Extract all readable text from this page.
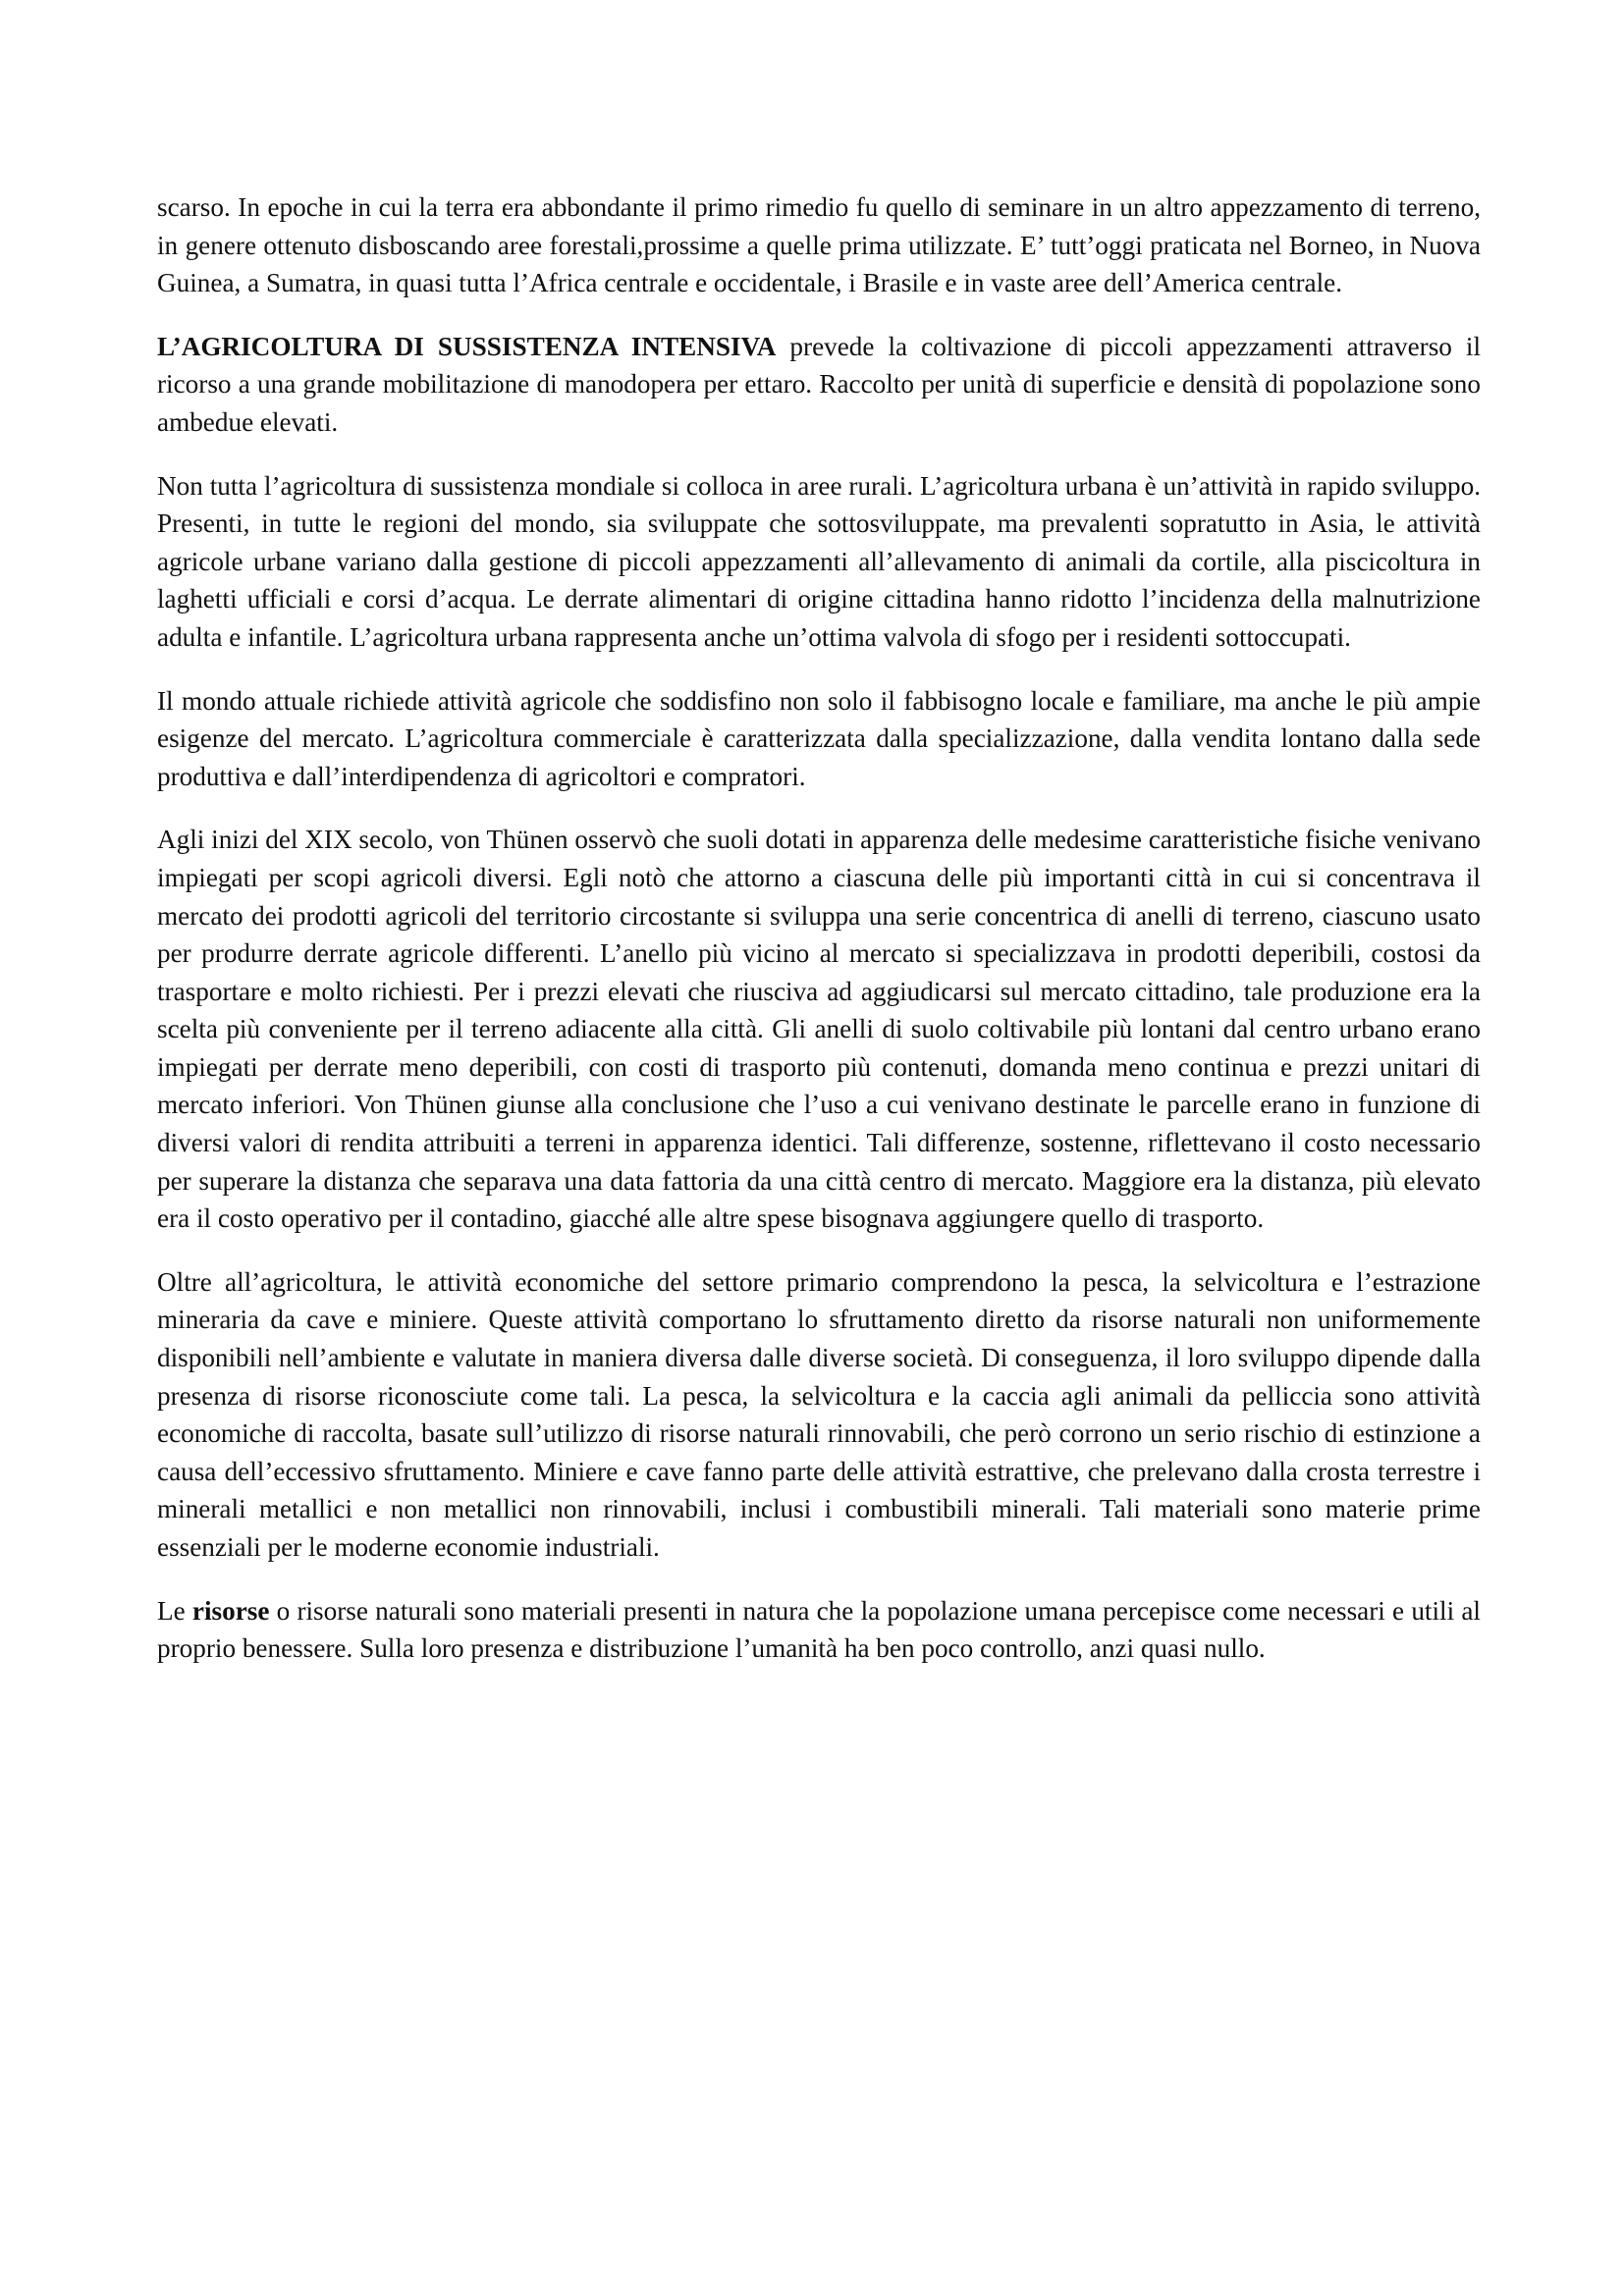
scarso. In epoche in cui la terra era abbondante il primo rimedio fu quello di seminare in un altro appezzamento di terreno, in genere ottenuto disboscando aree forestali,prossime a quelle prima utilizzate. E’ tutt’oggi praticata nel Borneo, in Nuova Guinea, a Sumatra, in quasi tutta l’Africa centrale e occidentale, i Brasile e in vaste aree dell’America centrale.

L’AGRICOLTURA DI SUSSISTENZA INTENSIVA prevede la coltivazione di piccoli appezzamenti attraverso il ricorso a una grande mobilitazione di manodopera per ettaro. Raccolto per unità di superficie e densità di popolazione sono ambedue elevati.

Non tutta l’agricoltura di sussistenza mondiale si colloca in aree rurali. L’agricoltura urbana è un’attività in rapido sviluppo. Presenti, in tutte le regioni del mondo, sia sviluppate che sottosviluppate, ma prevalenti sopratutto in Asia, le attività agricole urbane variano dalla gestione di piccoli appezzamenti all’allevamento di animali da cortile, alla piscicoltura in laghetti ufficiali e corsi d’acqua. Le derrate alimentari di origine cittadina hanno ridotto l’incidenza della malnutrizione adulta e infantile. L’agricoltura urbana rappresenta anche un’ottima valvola di sfogo per i residenti sottoccupati.

Il mondo attuale richiede attività agricole che soddisfino non solo il fabbisogno locale e familiare, ma anche le più ampie esigenze del mercato. L’agricoltura commerciale è caratterizzata dalla specializzazione, dalla vendita lontano dalla sede produttiva e dall’interdipendenza di agricoltori e compratori.

Agli inizi del XIX secolo, von Thünen osservò che suoli dotati in apparenza delle medesime caratteristiche fisiche venivano impiegati per scopi agricoli diversi. Egli notò che attorno a ciascuna delle più importanti città in cui si concentrava il mercato dei prodotti agricoli del territorio circostante si sviluppa una serie concentrica di anelli di terreno, ciascuno usato per produrre derrate agricole differenti. L’anello più vicino al mercato si specializzava in prodotti deperibili, costosi da trasportare e molto richiesti. Per i prezzi elevati che riusciva ad aggiudicarsi sul mercato cittadino, tale produzione era la scelta più conveniente per il terreno adiacente alla città. Gli anelli di suolo coltivabile più lontani dal centro urbano erano impiegati per derrate meno deperibili, con costi di trasporto più contenuti, domanda meno continua e prezzi unitari di mercato inferiori. Von Thünen giunse alla conclusione che l’uso a cui venivano destinate le parcelle erano in funzione di diversi valori di rendita attribuiti a terreni in apparenza identici. Tali differenze, sostenne, riflettevano il costo necessario per superare la distanza che separava una data fattoria da una città centro di mercato. Maggiore era la distanza, più elevato era il costo operativo per il contadino, giacché alle altre spese bisognava aggiungere quello di trasporto.

Oltre all’agricoltura, le attività economiche del settore primario comprendono la pesca, la selvicoltura e l’estrazione mineraria da cave e miniere. Queste attività comportano lo sfruttamento diretto da risorse naturali non uniformemente disponibili nell’ambiente e valutate in maniera diversa dalle diverse società. Di conseguenza, il loro sviluppo dipende dalla presenza di risorse riconosciute come tali. La pesca, la selvicoltura e la caccia agli animali da pelliccia sono attività economiche di raccolta, basate sull’utilizzo di risorse naturali rinnovabili, che però corrono un serio rischio di estinzione a causa dell’eccessivo sfruttamento. Miniere e cave fanno parte delle attività estrattive, che prelevano dalla crosta terrestre i minerali metallici e non metallici non rinnovabili, inclusi i combustibili minerali. Tali materiali sono materie prime essenziali per le moderne economie industriali.

Le risorse o risorse naturali sono materiali presenti in natura che la popolazione umana percepisce come necessari e utili al proprio benessere. Sulla loro presenza e distribuzione l’umanità ha ben poco controllo, anzi quasi nullo.
